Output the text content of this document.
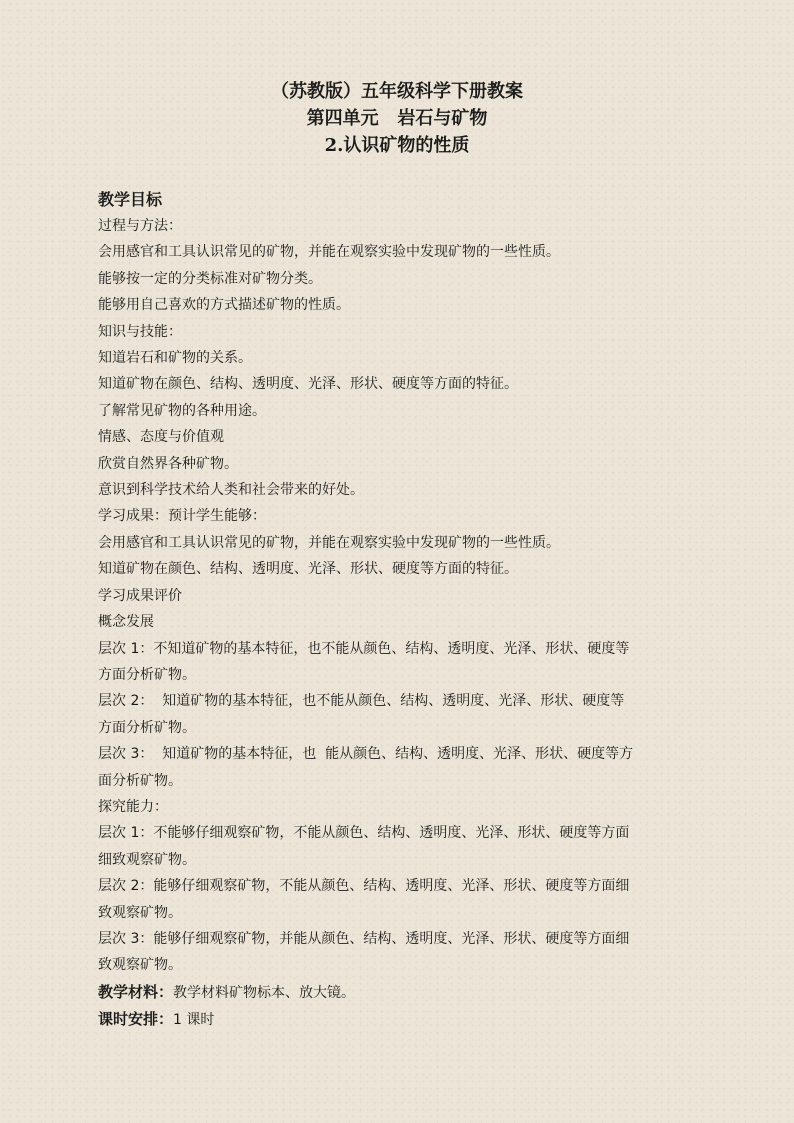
（苏教版）五年级科学下册教案
第四单元   岩石与矿物
2.认识矿物的性质
教学目标
过程与方法：
会用感官和工具认识常见的矿物，并能在观察实验中发现矿物的一些性质。
能够按一定的分类标准对矿物分类。
能够用自己喜欢的方式描述矿物的性质。
知识与技能：
知道岩石和矿物的关系。
知道矿物在颜色、结构、透明度、光泽、形状、硬度等方面的特征。
了解常见矿物的各种用途。
情感、态度与价值观
欣赏自然界各种矿物。
意识到科学技术给人类和社会带来的好处。
学习成果：预计学生能够：
会用感官和工具认识常见的矿物，并能在观察实验中发现矿物的一些性质。
知道矿物在颜色、结构、透明度、光泽、形状、硬度等方面的特征。
学习成果评价
概念发展
层次 1：不知道矿物的基本特征，也不能从颜色、结构、透明度、光泽、形状、硬度等
方面分析矿物。
层次 2：  知道矿物的基本特征，也不能从颜色、结构、透明度、光泽、形状、硬度等
方面分析矿物。
层次 3：  知道矿物的基本特征，也  能从颜色、结构、透明度、光泽、形状、硬度等方
面分析矿物。
探究能力：
层次 1：不能够仔细观察矿物，不能从颜色、结构、透明度、光泽、形状、硬度等方面
细致观察矿物。
层次 2：能够仔细观察矿物，不能从颜色、结构、透明度、光泽、形状、硬度等方面细
致观察矿物。
层次 3：能够仔细观察矿物，并能从颜色、结构、透明度、光泽、形状、硬度等方面细
致观察矿物。
教学材料：教学材料矿物标本、放大镜。
课时安排：1 课时
